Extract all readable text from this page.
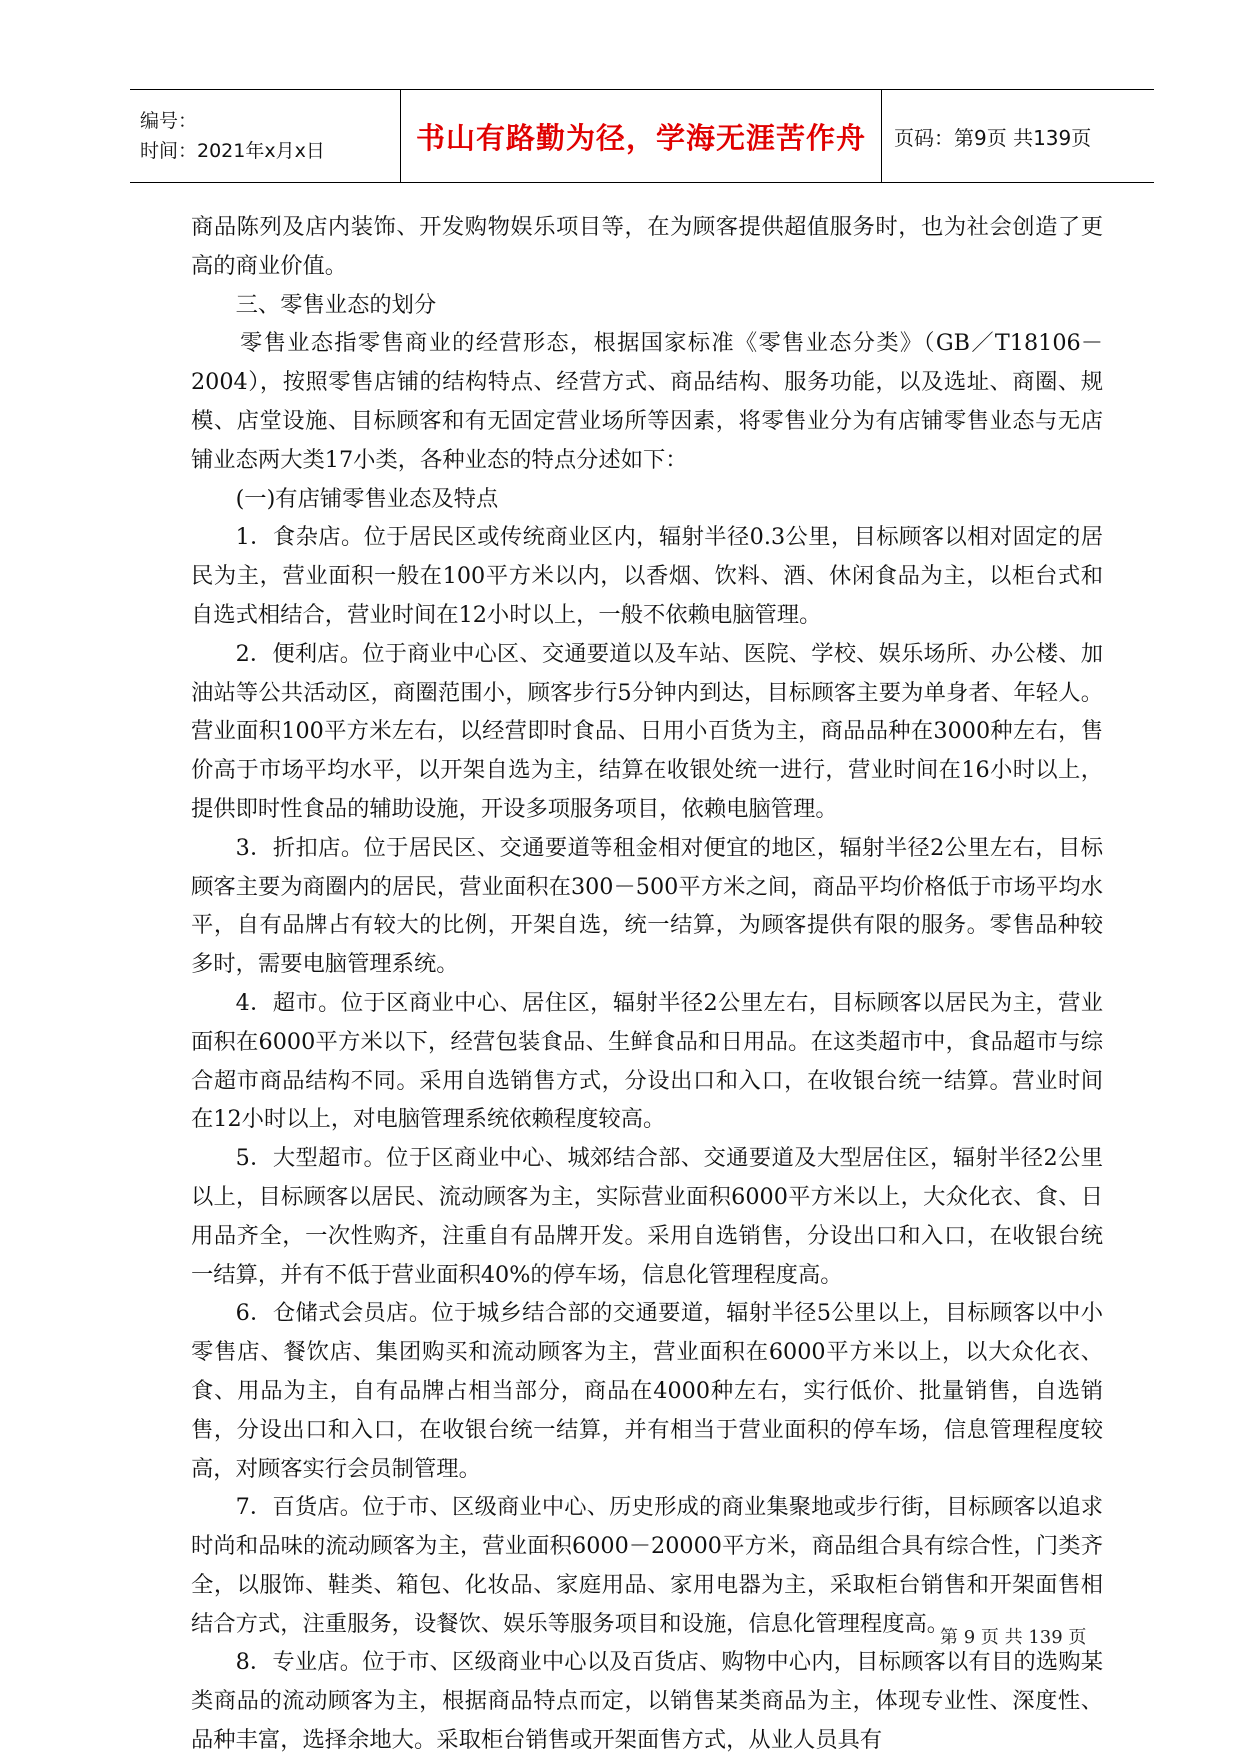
编号：
时间：2021年x月x日	书山有路勤为径，学海无涯苦作舟	页码：第9页 共139页

商品陈列及店内装饰、开发购物娱乐项目等，在为顾客提供超值服务时，也为社会创造了更高的商业价值。

三、零售业态的划分

零售业态指零售商业的经营形态，根据国家标准《零售业态分类》（GB／T18106－2004），按照零售店铺的结构特点、经营方式、商品结构、服务功能，以及选址、商圈、规模、店堂设施、目标顾客和有无固定营业场所等因素，将零售业分为有店铺零售业态与无店铺业态两大类17小类，各种业态的特点分述如下：

(一)有店铺零售业态及特点

1．食杂店。位于居民区或传统商业区内，辐射半径0.3公里，目标顾客以相对固定的居民为主，营业面积一般在100平方米以内，以香烟、饮料、酒、休闲食品为主，以柜台式和自选式相结合，营业时间在12小时以上，一般不依赖电脑管理。

2．便利店。位于商业中心区、交通要道以及车站、医院、学校、娱乐场所、办公楼、加油站等公共活动区，商圈范围小，顾客步行5分钟内到达，目标顾客主要为单身者、年轻人。营业面积100平方米左右，以经营即时食品、日用小百货为主，商品品种在3000种左右，售价高于市场平均水平，以开架自选为主，结算在收银处统一进行，营业时间在16小时以上，提供即时性食品的辅助设施，开设多项服务项目，依赖电脑管理。

3．折扣店。位于居民区、交通要道等租金相对便宜的地区，辐射半径2公里左右，目标顾客主要为商圈内的居民，营业面积在300－500平方米之间，商品平均价格低于市场平均水平，自有品牌占有较大的比例，开架自选，统一结算，为顾客提供有限的服务。零售品种较多时，需要电脑管理系统。

4．超市。位于区商业中心、居住区，辐射半径2公里左右，目标顾客以居民为主，营业面积在6000平方米以下，经营包装食品、生鲜食品和日用品。在这类超市中，食品超市与综合超市商品结构不同。采用自选销售方式，分设出口和入口，在收银台统一结算。营业时间在12小时以上，对电脑管理系统依赖程度较高。

5．大型超市。位于区商业中心、城郊结合部、交通要道及大型居住区，辐射半径2公里以上，目标顾客以居民、流动顾客为主，实际营业面积6000平方米以上，大众化衣、食、日用品齐全，一次性购齐，注重自有品牌开发。采用自选销售，分设出口和入口，在收银台统一结算，并有不低于营业面积40%的停车场，信息化管理程度高。

6．仓储式会员店。位于城乡结合部的交通要道，辐射半径5公里以上，目标顾客以中小零售店、餐饮店、集团购买和流动顾客为主，营业面积在6000平方米以上，以大众化衣、食、用品为主，自有品牌占相当部分，商品在4000种左右，实行低价、批量销售，自选销售，分设出口和入口，在收银台统一结算，并有相当于营业面积的停车场，信息管理程度较高，对顾客实行会员制管理。

7．百货店。位于市、区级商业中心、历史形成的商业集聚地或步行街，目标顾客以追求时尚和品味的流动顾客为主，营业面积6000－20000平方米，商品组合具有综合性，门类齐全，以服饰、鞋类、箱包、化妆品、家庭用品、家用电器为主，采取柜台销售和开架面售相结合方式，注重服务，设餐饮、娱乐等服务项目和设施，信息化管理程度高。

8．专业店。位于市、区级商业中心以及百货店、购物中心内，目标顾客以有目的选购某类商品的流动顾客为主，根据商品特点而定，以销售某类商品为主，体现专业性、深度性、品种丰富，选择余地大。采取柜台销售或开架面售方式，从业人员具有

第 9 页 共 139 页
